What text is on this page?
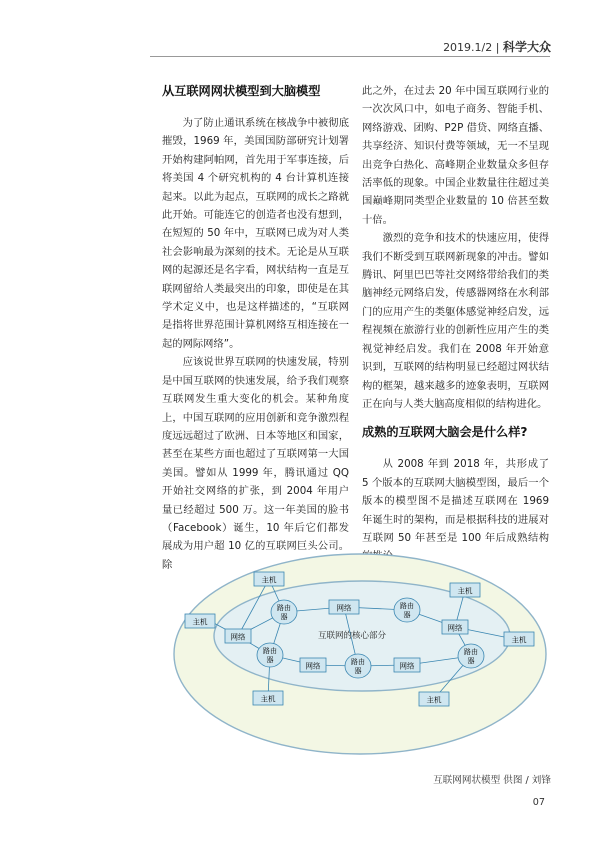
2019.1/2 | 科学大众
从互联网网状模型到大脑模型

为了防止通讯系统在核战争中被彻底摧毁，1969 年，美国国防部研究计划署开始构建阿帕网，首先用于军事连接，后将美国 4 个研究机构的 4 台计算机连接起来。以此为起点，互联网的成长之路就此开始。可能连它的创造者也没有想到，在短短的 50 年中，互联网已成为对人类社会影响最为深刻的技术。无论是从互联网的起源还是名字看，网状结构一直是互联网留给人类最突出的印象，即使是在其学术定义中，也是这样描述的，“互联网是指将世界范围计算机网络互相连接在一起的网际网络”。

应该说世界互联网的快速发展，特别是中国互联网的快速发展，给予我们观察互联网发生重大变化的机会。某种角度上，中国互联网的应用创新和竞争激烈程度远远超过了欧洲、日本等地区和国家，甚至在某些方面也超过了互联网第一大国美国。譬如从 1999 年，腾讯通过 QQ 开始社交网络的扩张，到 2004 年用户量已经超过 500 万。这一年美国的脸书（Facebook）诞生，10 年后它们都发展成为用户超 10 亿的互联网巨头公司。除

此之外，在过去 20 年中国互联网行业的一次次风口中，如电子商务、智能手机、网络游戏、团购、P2P 借贷、网络直播、共享经济、知识付费等领域，无一不呈现出竞争白热化、高峰期企业数量众多但存活率低的现象。中国企业数量往往超过美国巅峰期同类型企业数量的 10 倍甚至数十倍。

激烈的竞争和技术的快速应用，使得我们不断受到互联网新现象的冲击。譬如腾讯、阿里巴巴等社交网络带给我们的类脑神经元网络启发，传感器网络在水利部门的应用产生的类躯体感觉神经启发，远程视频在旅游行业的创新性应用产生的类视觉神经启发。我们在 2008 年开始意识到，互联网的结构明显已经超过网状结构的框架，越来越多的迹象表明，互联网正在向与人类大脑高度相似的结构进化。

成熟的互联网大脑会是什么样?

从 2008 年到 2018 年，共形成了 5 个版本的互联网大脑模型图，最后一个版本的模型图不是描述互联网在 1969 年诞生时的架构，而是根据科技的进展对互联网 50 年甚至是 100 年后成熟结构

主机
主机
主机
主机
主机	主机
路由
器
路由
器
路由
器	路由
器
路由
器
网络
网络
网络
网络	网络
互联网的核心部分
互联网网状模型 供图 / 刘锋
07
